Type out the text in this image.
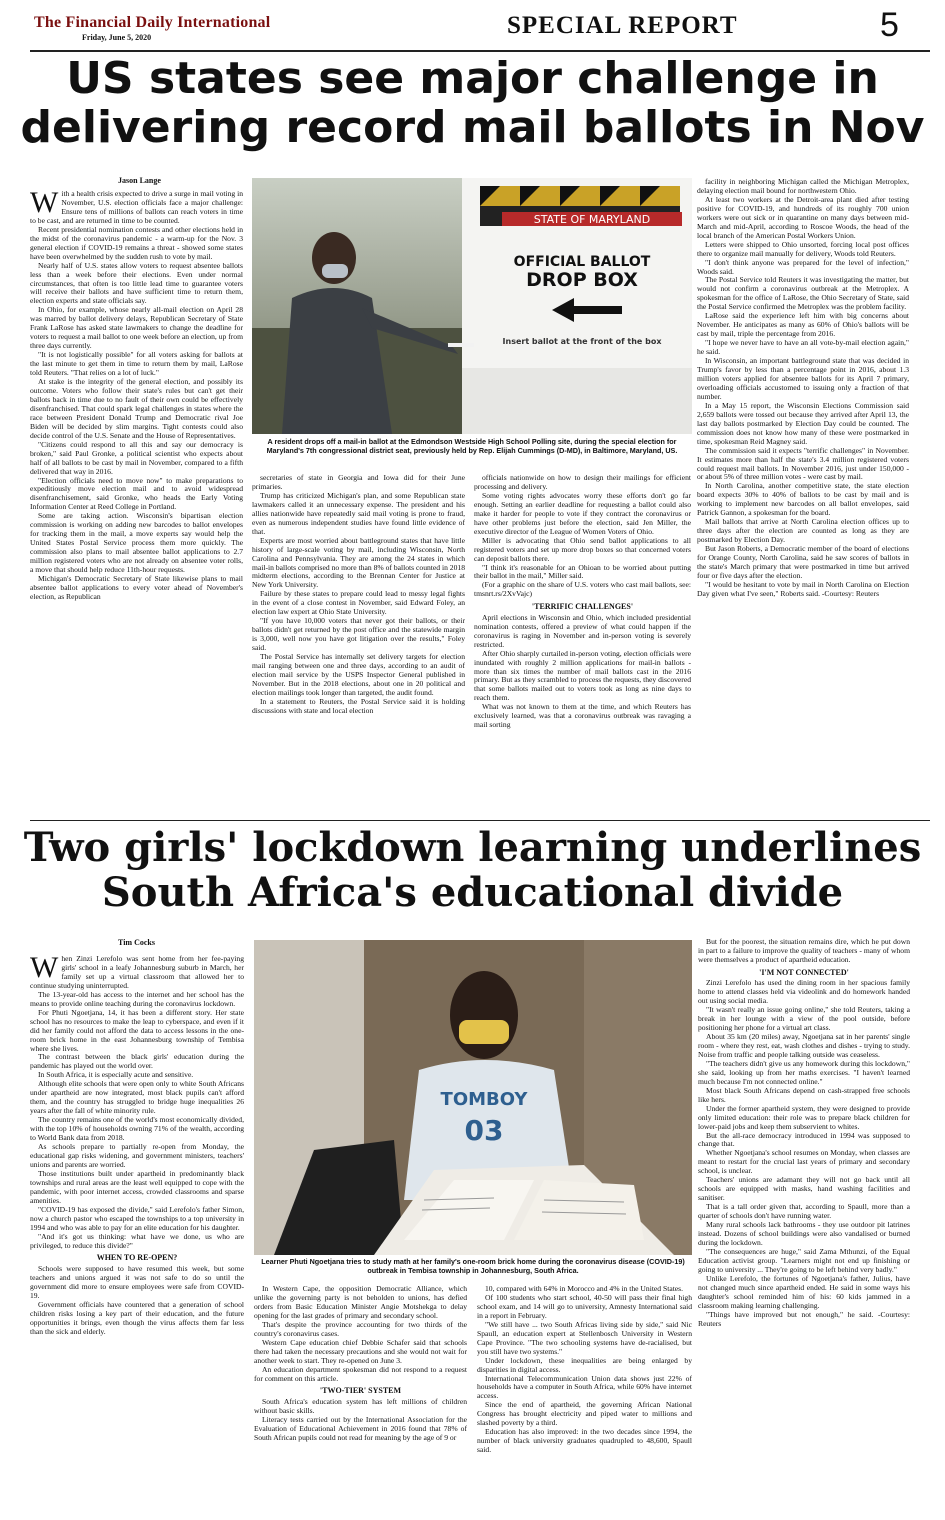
The Financial Daily International
Friday, June 5, 2020	SPECIAL REPORT	5
US states see major challenge in
delivering record mail ballots in Nov
Jason Lange

With a health crisis expected to drive a surge in mail voting in November, U.S. election officials face a major challenge: Ensure tens of millions of ballots can reach voters in time to be cast, and are returned in time to be counted.

Recent presidential nomination contests and other elections held in the midst of the coronavirus pandemic - a warm-up for the Nov. 3 general election if COVID-19 remains a threat - showed some states have been overwhelmed by the sudden rush to vote by mail.

Nearly half of U.S. states allow voters to request absentee ballots less than a week before their elections. Even under normal circumstances, that often is too little lead time to guarantee voters will receive their ballots and have sufficient time to return them, election experts and state officials say.

In Ohio, for example, whose nearly all-mail election on April 28 was marred by ballot delivery delays, Republican Secretary of State Frank LaRose has asked state lawmakers to change the deadline for voters to request a mail ballot to one week before an election, up from three days currently.

"It is not logistically possible" for all voters asking for ballots at the last minute to get them in time to return them by mail, LaRose told Reuters. "That relies on a lot of luck."

At stake is the integrity of the general election, and possibly its outcome. Voters who follow their state's rules but can't get their ballots back in time due to no fault of their own could be effectively disenfranchised. That could spark legal challenges in states where the race between President Donald Trump and Democratic rival Joe Biden will be decided by slim margins. Tight contests could also decide control of the U.S. Senate and the House of Representatives.

"Citizens could respond to all this and say our democracy is broken," said Paul Gronke, a political scientist who expects about half of all ballots to be cast by mail in November, compared to a fifth delivered that way in 2016.

"Election officials need to move now" to make preparations to expeditiously move election mail and to avoid widespread disenfranchisement, said Gronke, who heads the Early Voting Information Center at Reed College in Portland.

Some are taking action. Wisconsin's bipartisan election commission is working on adding new barcodes to ballot envelopes for tracking them in the mail, a move experts say would help the United States Postal Service process them more quickly. The commission also plans to mail absentee ballot applications to 2.7 million registered voters who are not already on absentee voter rolls, a move that should help reduce 11th-hour requests.

Michigan's Democratic Secretary of State likewise plans to mail absentee ballot applications to every voter ahead of November's election, as Republican

STATE OF MARYLAND
OFFICIAL BALLOT
DROP BOX
Insert ballot at the front of the box
A resident drops off a mail-in ballot at the Edmondson Westside High School Polling site, during the special election for Maryland's 7th congressional district seat, previously held by Rep. Elijah Cummings (D-MD), in Baltimore, Maryland, US.

secretaries of state in Georgia and Iowa did for their June primaries.

Trump has criticized Michigan's plan, and some Republican state lawmakers called it an unnecessary expense. The president and his allies nationwide have repeatedly said mail voting is prone to fraud, even as numerous independent studies have found little evidence of that.

Experts are most worried about battleground states that have little history of large-scale voting by mail, including Wisconsin, North Carolina and Pennsylvania. They are among the 24 states in which mail-in ballots comprised no more than 8% of ballots counted in 2018 midterm elections, according to the Brennan Center for Justice at New York University.

Failure by these states to prepare could lead to messy legal fights in the event of a close contest in November, said Edward Foley, an election law expert at Ohio State University.

"If you have 10,000 voters that never got their ballots, or their ballots didn't get returned by the post office and the statewide margin is 3,000, well now you have got litigation over the results," Foley said.

The Postal Service has internally set delivery targets for election mail ranging between one and three days, according to an audit of election mail service by the USPS Inspector General published in November. But in the 2018 elections, about one in 20 political and election mailings took longer than targeted, the audit found.

In a statement to Reuters, the Postal Service said it is holding discussions with state and local election

officials nationwide on how to design their mailings for efficient processing and delivery.

Some voting rights advocates worry these efforts don't go far enough. Setting an earlier deadline for requesting a ballot could also make it harder for people to vote if they contract the coronavirus or have other problems just before the election, said Jen Miller, the executive director of the League of Women Voters of Ohio.

Miller is advocating that Ohio send ballot applications to all registered voters and set up more drop boxes so that concerned voters can deposit ballots there.

"I think it's reasonable for an Ohioan to be worried about putting their ballot in the mail," Miller said.

(For a graphic on the share of U.S. voters who cast mail ballots, see: tmsnrt.rs/2XvVajc)

'TERRIFIC CHALLENGES'

April elections in Wisconsin and Ohio, which included presidential nomination contests, offered a preview of what could happen if the coronavirus is raging in November and in-person voting is severely restricted.

After Ohio sharply curtailed in-person voting, election officials were inundated with roughly 2 million applications for mail-in ballots - more than six times the number of mail ballots cast in the 2016 primary. But as they scrambled to process the requests, they discovered that some ballots mailed out to voters took as long as nine days to reach them.

What was not known to them at the time, and which Reuters has exclusively learned, was that a coronavirus outbreak was ravaging a mail sorting

facility in neighboring Michigan called the Michigan Metroplex, delaying election mail bound for northwestern Ohio.

At least two workers at the Detroit-area plant died after testing positive for COVID-19, and hundreds of its roughly 700 union workers were out sick or in quarantine on many days between mid-March and mid-April, according to Roscoe Woods, the head of the local branch of the American Postal Workers Union.

Letters were shipped to Ohio unsorted, forcing local post offices there to organize mail manually for delivery, Woods told Reuters.

"I don't think anyone was prepared for the level of infection," Woods said.

The Postal Service told Reuters it was investigating the matter, but would not confirm a coronavirus outbreak at the Metroplex. A spokesman for the office of LaRose, the Ohio Secretary of State, said the Postal Service confirmed the Metroplex was the problem facility.

LaRose said the experience left him with big concerns about November. He anticipates as many as 60% of Ohio's ballots will be cast by mail, triple the percentage from 2016.

"I hope we never have to have an all vote-by-mail election again," he said.

In Wisconsin, an important battleground state that was decided in Trump's favor by less than a percentage point in 2016, about 1.3 million voters applied for absentee ballots for its April 7 primary, overloading officials accustomed to issuing only a fraction of that number.

In a May 15 report, the Wisconsin Elections Commission said 2,659 ballots were tossed out because they arrived after April 13, the last day ballots postmarked by Election Day could be counted. The commission does not know how many of these were postmarked in time, spokesman Reid Magney said.

The commission said it expects "terrific challenges" in November. It estimates more than half the state's 3.4 million registered voters could request mail ballots. In November 2016, just under 150,000 - or about 5% of three million votes - were cast by mail.

In North Carolina, another competitive state, the state election board expects 30% to 40% of ballots to be cast by mail and is working to implement new barcodes on all ballot envelopes, said Patrick Gannon, a spokesman for the board.

Mail ballots that arrive at North Carolina election offices up to three days after the election are counted as long as they are postmarked by Election Day.

But Jason Roberts, a Democratic member of the board of elections for Orange County, North Carolina, said he saw scores of ballots in the state's March primary that were postmarked in time but arrived four or five days after the election.

"I would be hesitant to vote by mail in North Carolina on Election Day given what I've seen," Roberts said. -Courtesy: Reuters

Two girls' lockdown learning underlines
South Africa's educational divide
Tim Cocks

When Zinzi Lerefolo was sent home from her fee-paying girls' school in a leafy Johannesburg suburb in March, her family set up a virtual classroom that allowed her to continue studying uninterrupted.

The 13-year-old has access to the internet and her school has the means to provide online teaching during the coronavirus lockdown.

For Phuti Ngoetjana, 14, it has been a different story. Her state school has no resources to make the leap to cyberspace, and even if it did her family could not afford the data to access lessons in the one-room brick home in the east Johannesburg township of Tembisa where she lives.

The contrast between the black girls' education during the pandemic has played out the world over.

In South Africa, it is especially acute and sensitive.

Although elite schools that were open only to white South Africans under apartheid are now integrated, most black pupils can't afford them, and the country has struggled to bridge huge inequalities 26 years after the fall of white minority rule.

The country remains one of the world's most economically divided, with the top 10% of households owning 71% of the wealth, according to World Bank data from 2018.

As schools prepare to partially re-open from Monday, the educational gap risks widening, and government ministers, teachers' unions and parents are worried.

Those institutions built under apartheid in predominantly black townships and rural areas are the least well equipped to cope with the pandemic, with poor internet access, crowded classrooms and sparse amenities.

"COVID-19 has exposed the divide," said Lerefolo's father Simon, now a church pastor who escaped the townships to a top university in 1994 and who was able to pay for an elite education for his daughter.

"And it's got us thinking: what have we done, us who are privileged, to reduce this divide?"

WHEN TO RE-OPEN?

Schools were supposed to have resumed this week, but some teachers and unions argued it was not safe to do so until the government did more to ensure employees were safe from COVID-19.

Government officials have countered that a generation of school children risks losing a key part of their education, and the future opportunities it brings, even though the virus affects them far less than the sick and elderly.

TOMBOY
03
Learner Phuti Ngoetjana tries to study math at her family's one-room brick home during the coronavirus disease (COVID-19) outbreak in Tembisa township in Johannesburg, South Africa.

In Western Cape, the opposition Democratic Alliance, which unlike the governing party is not beholden to unions, has defied orders from Basic Education Minister Angie Motshekga to delay opening for the last grades of primary and secondary school.

That's despite the province accounting for two thirds of the country's coronavirus cases.

Western Cape education chief Debbie Schafer said that schools there had taken the necessary precautions and she would not wait for another week to start. They re-opened on June 3.

An education department spokesman did not respond to a request for comment on this article.

'TWO-TIER' SYSTEM

South Africa's education system has left millions of children without basic skills.

Literacy tests carried out by the International Association for the Evaluation of Educational Achievement in 2016 found that 78% of South African pupils could not read for meaning by the age of 9 or

10, compared with 64% in Morocco and 4% in the United States.

Of 100 students who start school, 40-50 will pass their final high school exam, and 14 will go to university, Amnesty International said in a report in February.

"We still have ... two South Africas living side by side," said Nic Spaull, an education expert at Stellenbosch University in Western Cape Province. "The two schooling systems have de-racialised, but you still have two systems."

Under lockdown, these inequalities are being enlarged by disparities in digital access.

International Telecommunication Union data shows just 22% of households have a computer in South Africa, while 60% have internet access.

Since the end of apartheid, the governing African National Congress has brought electricity and piped water to millions and slashed poverty by a third.

Education has also improved: in the two decades since 1994, the number of black university graduates quadrupled to 48,600, Spaull said.

But for the poorest, the situation remains dire, which he put down in part to a failure to improve the quality of teachers - many of whom were themselves a product of apartheid education.

'I'M NOT CONNECTED'

Zinzi Lerefolo has used the dining room in her spacious family home to attend classes held via videolink and do homework handed out using social media.

"It wasn't really an issue going online," she told Reuters, taking a break in her lounge with a view of the pool outside, before positioning her phone for a virtual art class.

About 35 km (20 miles) away, Ngoetjana sat in her parents' single room - where they rest, eat, wash clothes and dishes - trying to study. Noise from traffic and people talking outside was ceaseless.

"The teachers didn't give us any homework during this lockdown," she said, looking up from her maths exercises. "I haven't learned much because I'm not connected online."

Most black South Africans depend on cash-strapped free schools like hers.

Under the former apartheid system, they were designed to provide only limited education: their role was to prepare black children for lower-paid jobs and keep them subservient to whites.

But the all-race democracy introduced in 1994 was supposed to change that.

Whether Ngoetjana's school resumes on Monday, when classes are meant to restart for the crucial last years of primary and secondary school, is unclear.

Teachers' unions are adamant they will not go back until all schools are equipped with masks, hand washing facilities and sanitiser.

That is a tall order given that, according to Spaull, more than a quarter of schools don't have running water.

Many rural schools lack bathrooms - they use outdoor pit latrines instead. Dozens of school buildings were also vandalised or burned during the lockdown.

"The consequences are huge," said Zama Mthunzi, of the Equal Education activist group. "Learners might not end up finishing or going to university ... They're going to be left behind very badly."

Unlike Lerefolo, the fortunes of Ngoetjana's father, Julius, have not changed much since apartheid ended. He said in some ways his daughter's school reminded him of his: 60 kids jammed in a classroom making learning challenging.

"Things have improved but not enough," he said. -Courtesy: Reuters
